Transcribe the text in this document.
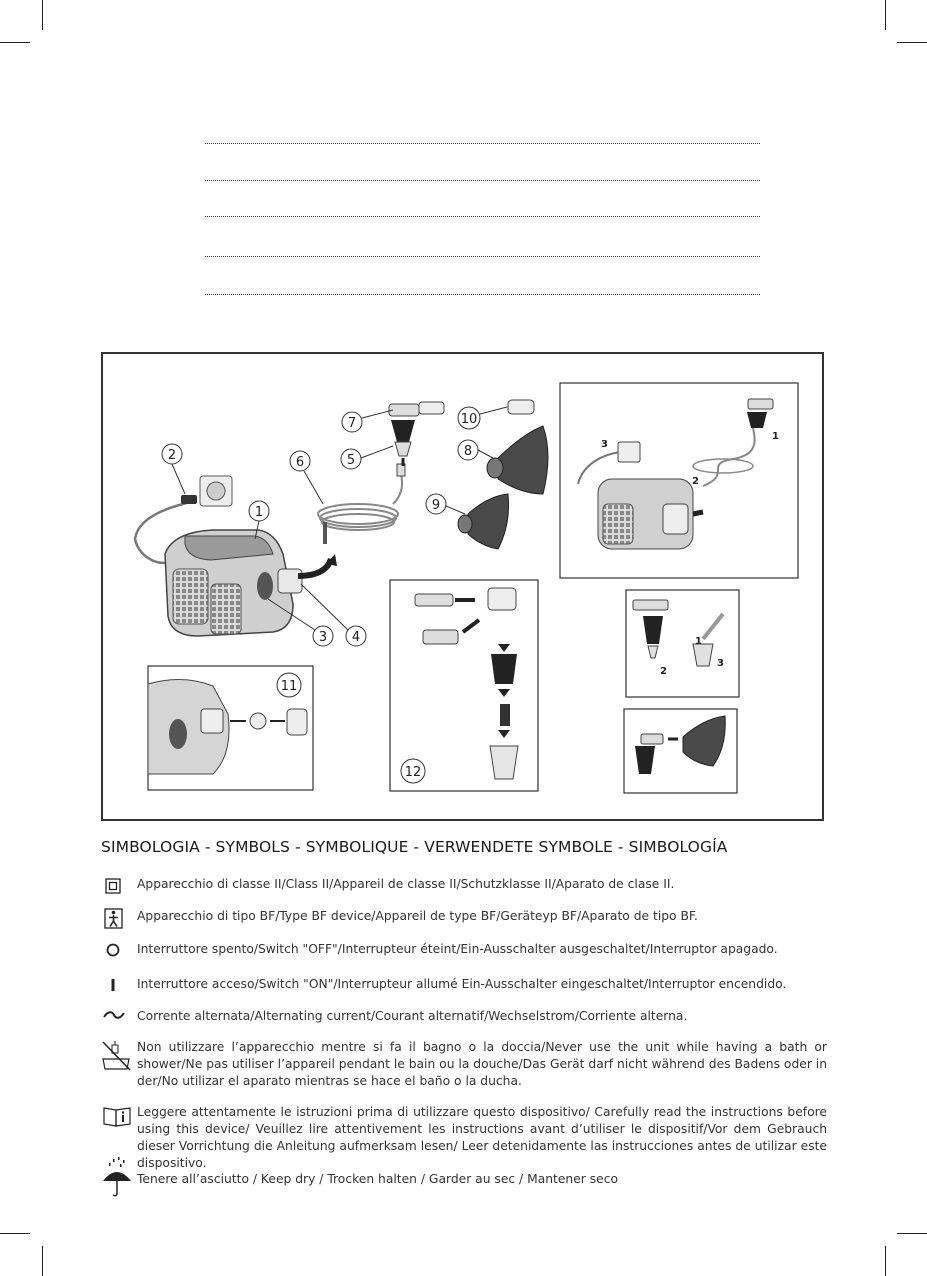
1
2
3 4
5
6
7
8
9
10
1
2
3
12
11
1
2
3
SIMBOLOGIA - SYMBOLS - SYMBOLIQUE - VERWENDETE SYMBOLE - SIMBOLOGÍA
Apparecchio di classe II/Class II/Appareil de classe II/Schutzklasse II/Aparato de clase II.
Apparecchio di tipo BF/Type BF device/Appareil de type BF/Geräteyp BF/Aparato de tipo BF.
Interruttore spento/Switch "OFF"/Interrupteur éteint/Ein-Ausschalter ausgeschaltet/Interruptor apagado.
Interruttore acceso/Switch "ON"/Interrupteur allumé Ein-Ausschalter eingeschaltet/Interruptor encendido.
Corrente alternata/Alternating current/Courant alternatif/Wechselstrom/Corriente alterna.
Non utilizzare l’apparecchio mentre si fa il bagno o la doccia/Never use the unit while having a bath or shower/Ne pas utiliser l’appareil pendant le bain ou la douche/Das Gerät darf nicht während des Badens oder in der/No utilizar el aparato mientras se hace el baño o la ducha.
Leggere attentamente le istruzioni prima di utilizzare questo dispositivo/ Carefully read the instructions before using this device/ Veuillez lire attentivement les instructions avant d’utiliser le dispositif/Vor dem Gebrauch dieser Vorrichtung die Anleitung aufmerksam lesen/ Leer detenidamente las instrucciones antes de utilizar este dispositivo.
Tenere all’asciutto / Keep dry / Trocken halten / Garder au sec / Mantener seco
